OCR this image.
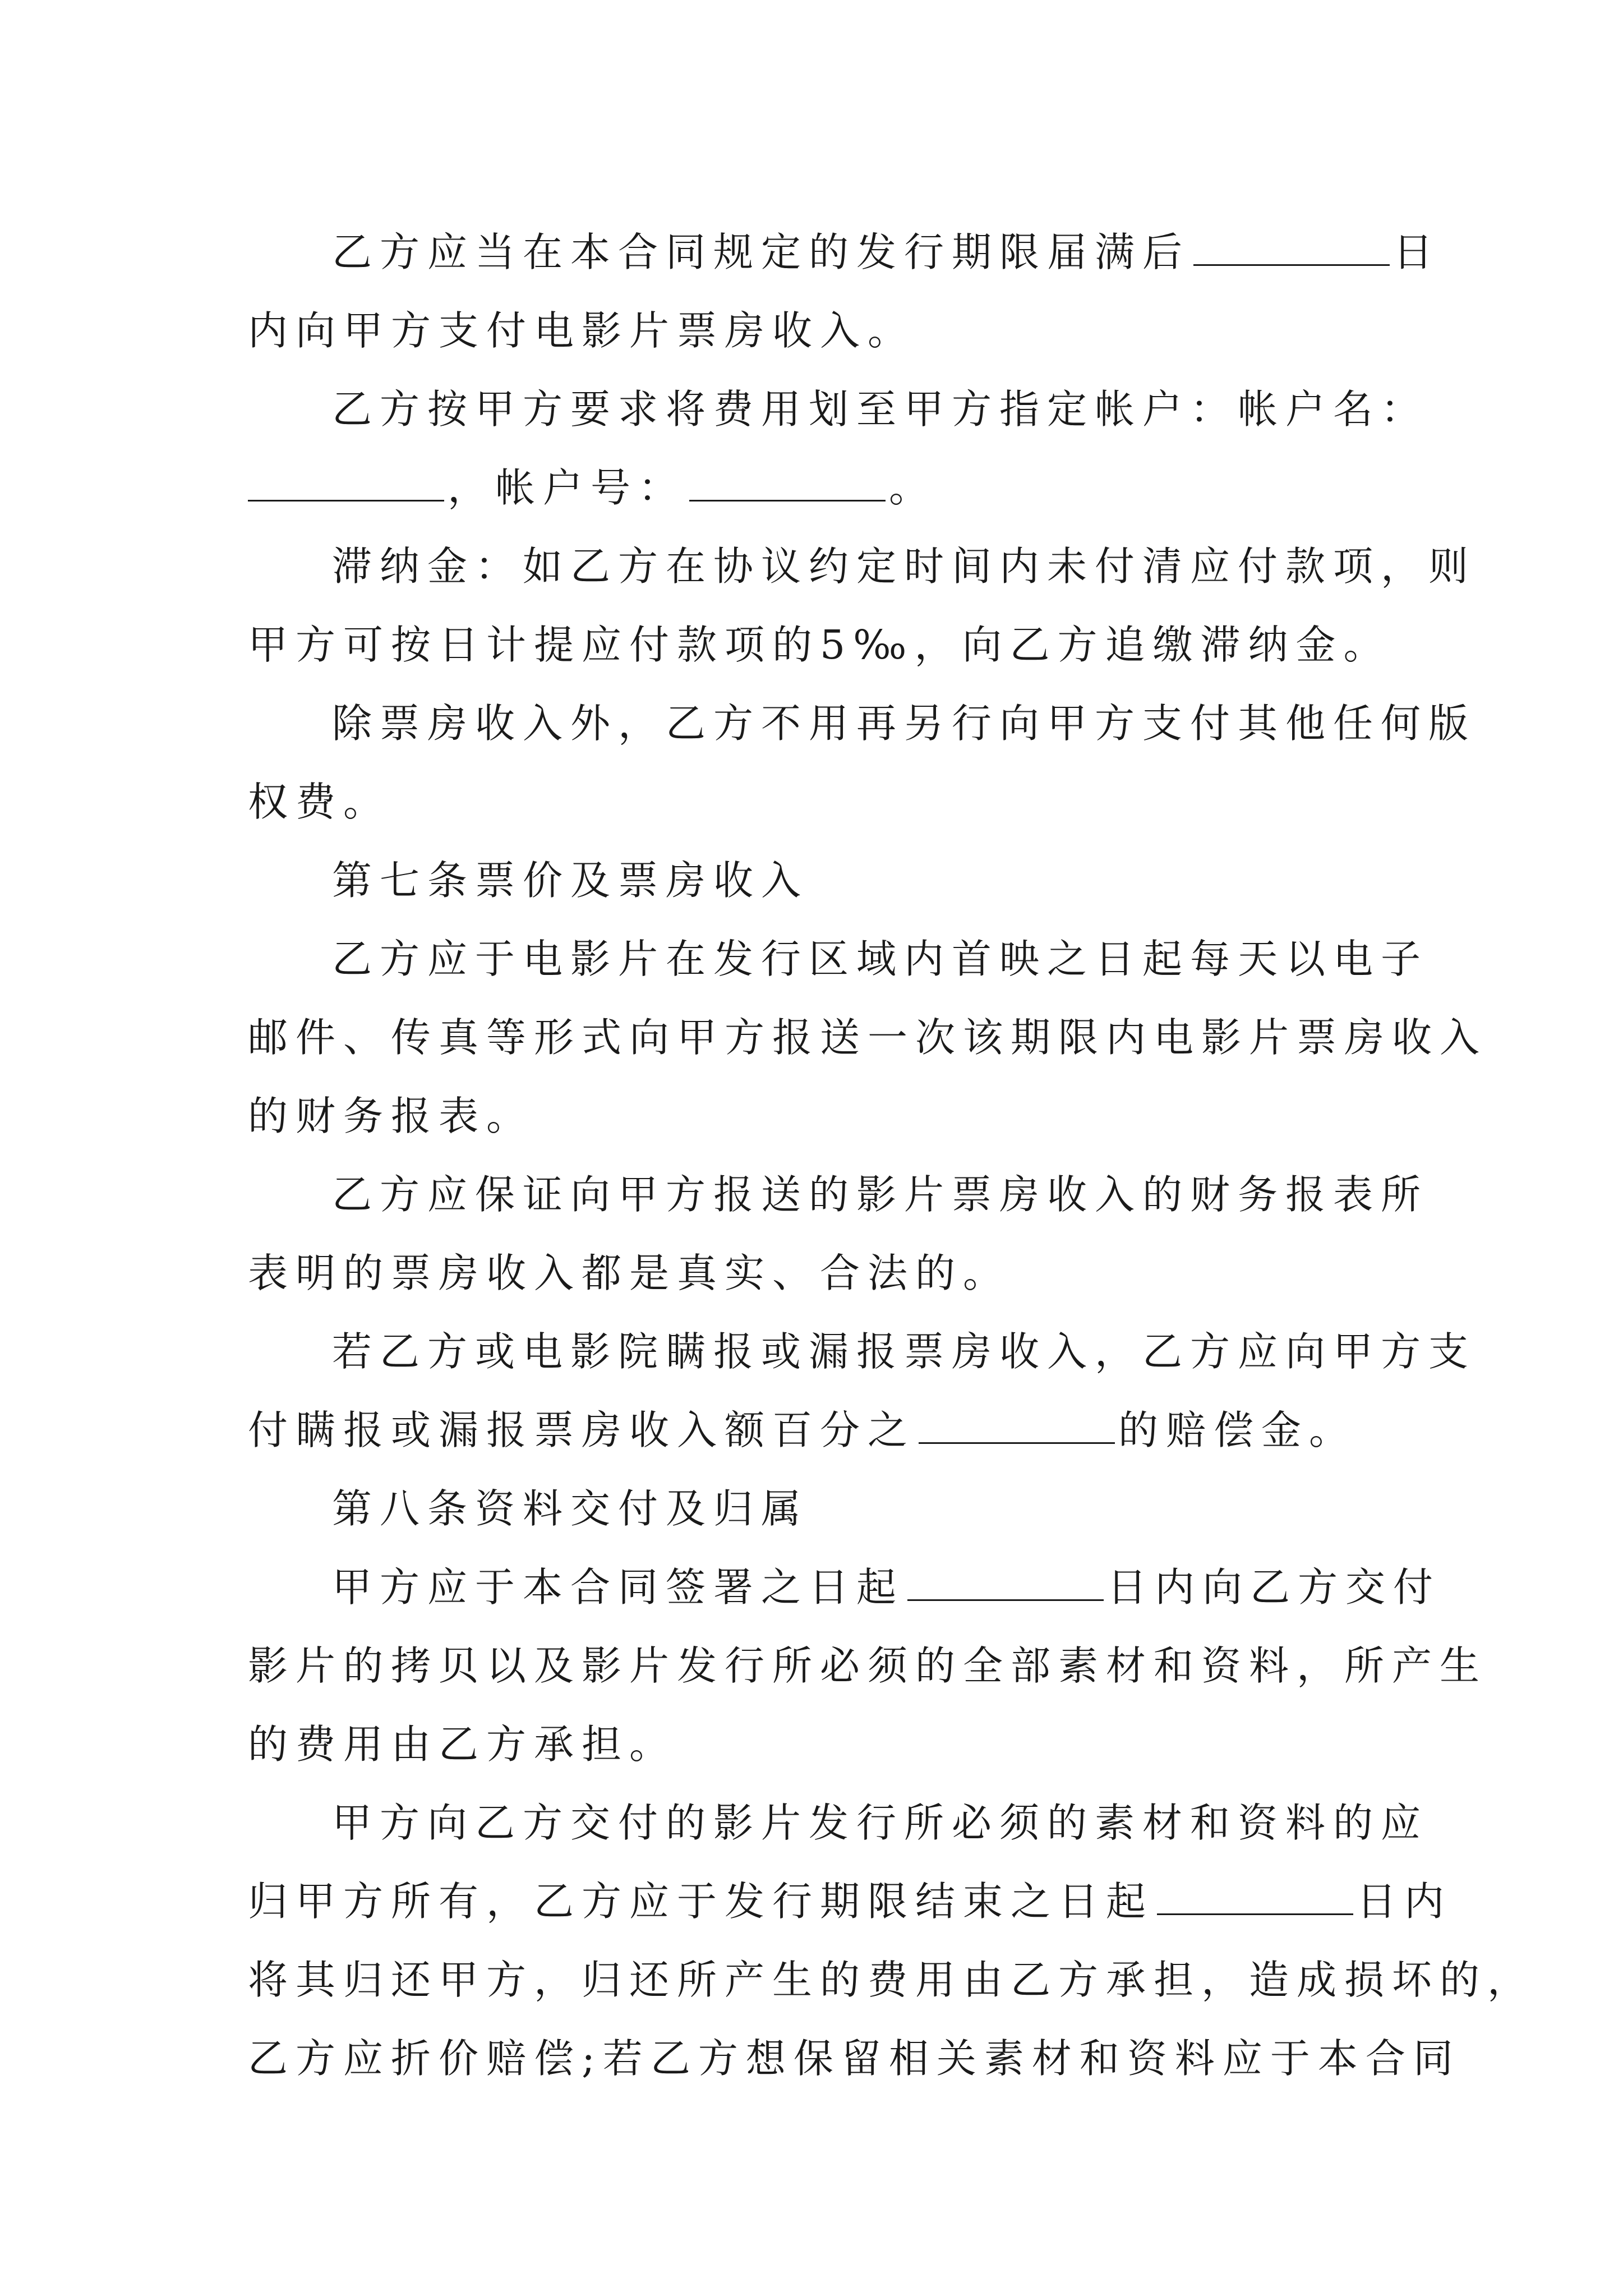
乙方应当在本合同规定的发行期限届满后	日
内向甲方支付电影片票房收入。
乙方按甲方要求将费用划至甲方指定帐户：帐户名：
，帐户号：	。
滞纳金：如乙方在协议约定时间内未付清应付款项，则
甲方可按日计提应付款项的5‰，向乙方追缴滞纳金。
除票房收入外，乙方不用再另行向甲方支付其他任何版
权费。
第七条票价及票房收入
乙方应于电影片在发行区域内首映之日起每天以电子
邮件、传真等形式向甲方报送一次该期限内电影片票房收入
的财务报表。
乙方应保证向甲方报送的影片票房收入的财务报表所
表明的票房收入都是真实、合法的。
若乙方或电影院瞒报或漏报票房收入，乙方应向甲方支
付瞒报或漏报票房收入额百分之	的赔偿金。
第八条资料交付及归属
甲方应于本合同签署之日起	日内向乙方交付
影片的拷贝以及影片发行所必须的全部素材和资料，所产生
的费用由乙方承担。
甲方向乙方交付的影片发行所必须的素材和资料的应
归甲方所有，乙方应于发行期限结束之日起	日内
将其归还甲方，归还所产生的费用由乙方承担，造成损坏的，
乙方应折价赔偿;若乙方想保留相关素材和资料应于本合同
